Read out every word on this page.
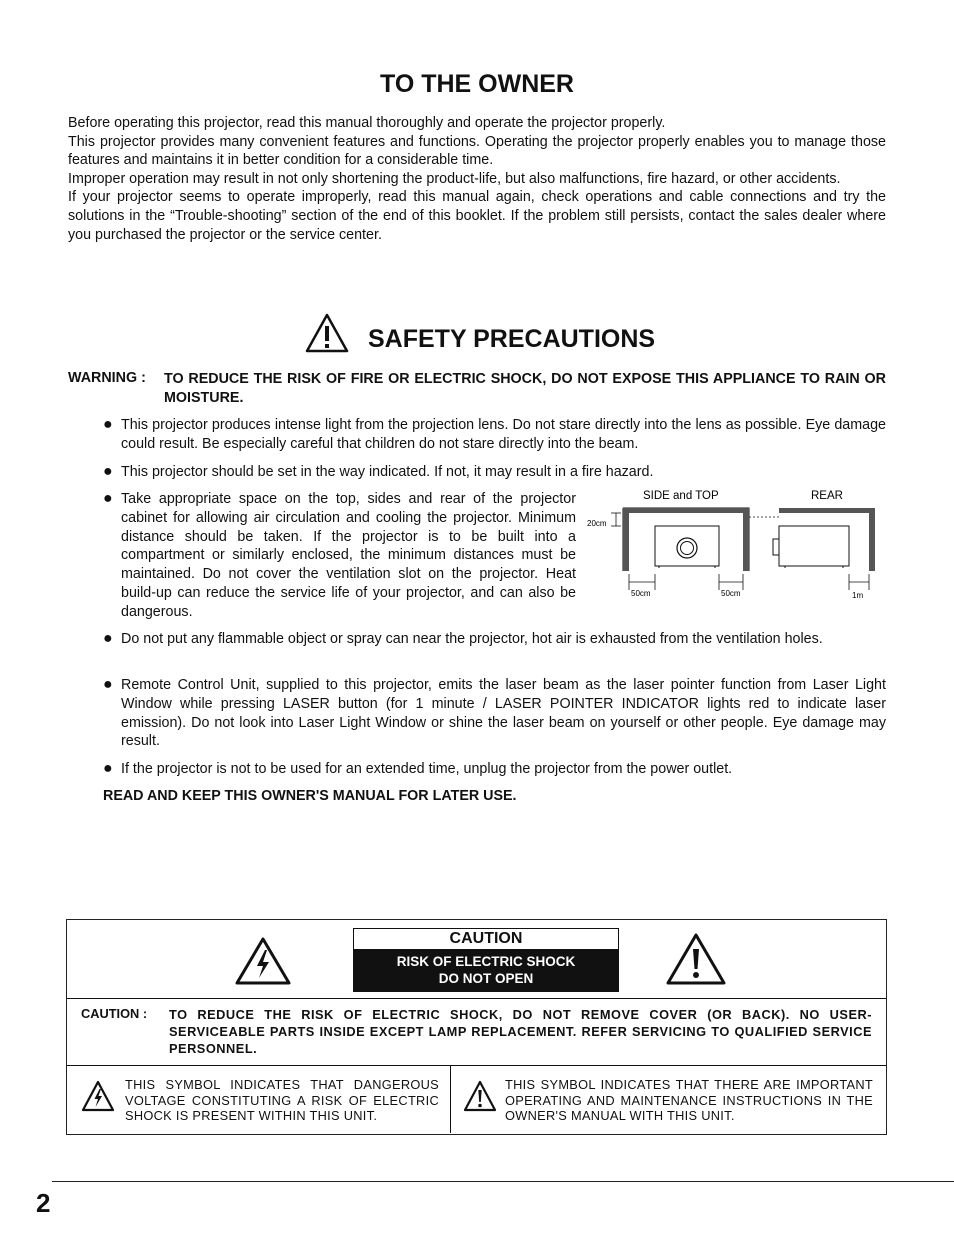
TO THE OWNER

Before operating this projector, read this manual thoroughly and operate the projector properly.

This projector provides many convenient features and functions. Operating the projector properly enables you to manage those features and maintains it in better condition for a considerable time.

Improper operation may result in not only shortening the product-life, but also malfunctions, fire hazard, or other accidents.

If your projector seems to operate improperly, read this manual again, check operations and cable connections and try the solutions in the “Trouble-shooting” section of the end of this booklet. If the problem still persists, contact the sales dealer where you purchased the projector or the service center.

SAFETY PRECAUTIONS
WARNING : TO REDUCE THE RISK OF FIRE OR ELECTRIC SHOCK, DO NOT EXPOSE THIS APPLIANCE TO RAIN OR MOISTURE.
● This projector produces intense light from the projection lens. Do not stare directly into the lens as possible. Eye damage could result. Be especially careful that children do not stare directly into the beam.
● This projector should be set in the way indicated. If not, it may result in a fire hazard.
● Take appropriate space on the top, sides and rear of the projector cabinet for allowing air circulation and cooling the projector. Minimum distance should be taken. If the projector is to be built into a compartment or similarly enclosed, the minimum distances must be maintained. Do not cover the ventilation slot on the projector. Heat build-up can reduce the service life of your projector, and can also be dangerous.
SIDE and TOP	REAR
20cm
50cm	50cm	1m
● Do not put any flammable object or spray can near the projector, hot air is exhausted from the ventilation holes.
● Remote Control Unit, supplied to this projector, emits the laser beam as the laser pointer function from Laser Light Window while pressing LASER button (for 1 minute / LASER POINTER INDICATOR lights red to indicate laser emission). Do not look into Laser Light Window or shine the laser beam on yourself or other people. Eye damage may result.
● If the projector is not to be used for an extended time, unplug the projector from the power outlet.
READ AND KEEP THIS OWNER'S MANUAL FOR LATER USE.
CAUTION
RISK OF ELECTRIC SHOCK
DO NOT OPEN
CAUTION : TO REDUCE THE RISK OF ELECTRIC SHOCK, DO NOT REMOVE COVER (OR BACK). NO USER-SERVICEABLE PARTS INSIDE EXCEPT LAMP REPLACEMENT. REFER SERVICING TO QUALIFIED SERVICE PERSONNEL.
THIS SYMBOL INDICATES THAT DANGEROUS VOLTAGE CONSTITUTING A RISK OF ELECTRIC SHOCK IS PRESENT WITHIN THIS UNIT.
THIS SYMBOL INDICATES THAT THERE ARE IMPORTANT OPERATING AND MAINTENANCE INSTRUCTIONS IN THE OWNER'S MANUAL WITH THIS UNIT.
2
